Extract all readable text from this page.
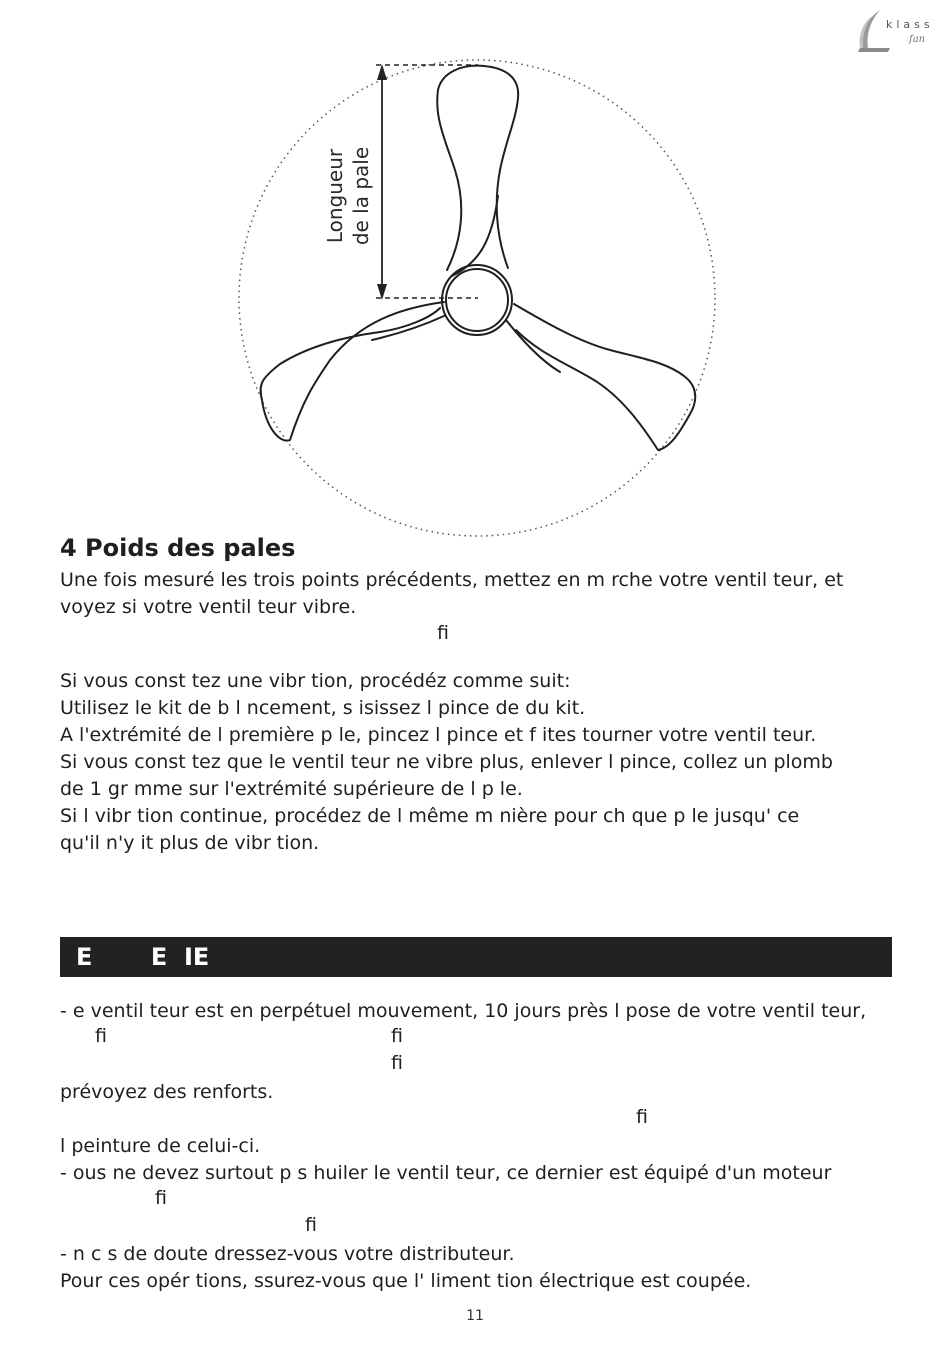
klass
fan
Longueur de la pale
4 Poids des pales
Une fois mesuré les trois points précédents, mettez en m rche votre ventil teur, et
voyez si votre ventil teur vibre.
fi
Si vous const tez une vibr tion, procédéz comme suit:
Utilisez le kit de b l ncement, s isissez l pince de du kit.
A l'extrémité de l première p le, pincez l pince et f ites tourner votre ventil teur.
Si vous const tez que le ventil teur ne vibre plus, enlever l pince, collez un plomb
de 1 gr mme sur l'extrémité supérieure de l p le.
Si l vibr tion continue, procédez de l même m nière pour ch que p le jusqu' ce
qu'il n'y it plus de vibr tion.
E       E  IE
- e ventil teur est en perpétuel mouvement, 10 jours près l pose de votre ventil teur,
fi	fi
fi
prévoyez des renforts.
fi
l peinture de celui-ci.
- ous ne devez surtout p s huiler le ventil teur, ce dernier est équipé d'un moteur
fi
fi
- n c s de doute dressez-vous votre distributeur.
Pour ces opér tions, ssurez-vous que l' liment tion électrique est coupée.
11
